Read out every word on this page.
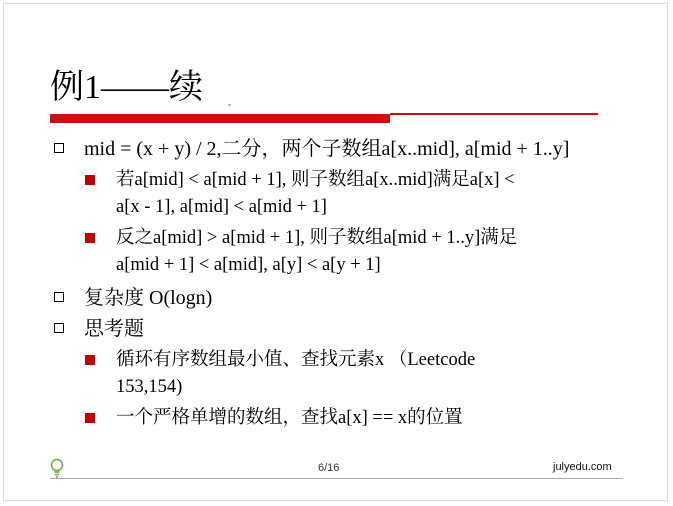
例1——续
mid = (x + y) / 2,二分，两个子数组a[x..mid], a[mid + 1..y]
若a[mid] < a[mid + 1], 则子数组a[x..mid]满足a[x] <
a[x - 1], a[mid] < a[mid + 1]
反之a[mid] > a[mid + 1], 则子数组a[mid + 1..y]满足
a[mid + 1] < a[mid], a[y] < a[y + 1]
复杂度 O(logn)
思考题
循环有序数组最小值、查找元素x （Leetcode
153,154)
一个严格单增的数组，查找a[x] == x的位置
6/16	julyedu.com
